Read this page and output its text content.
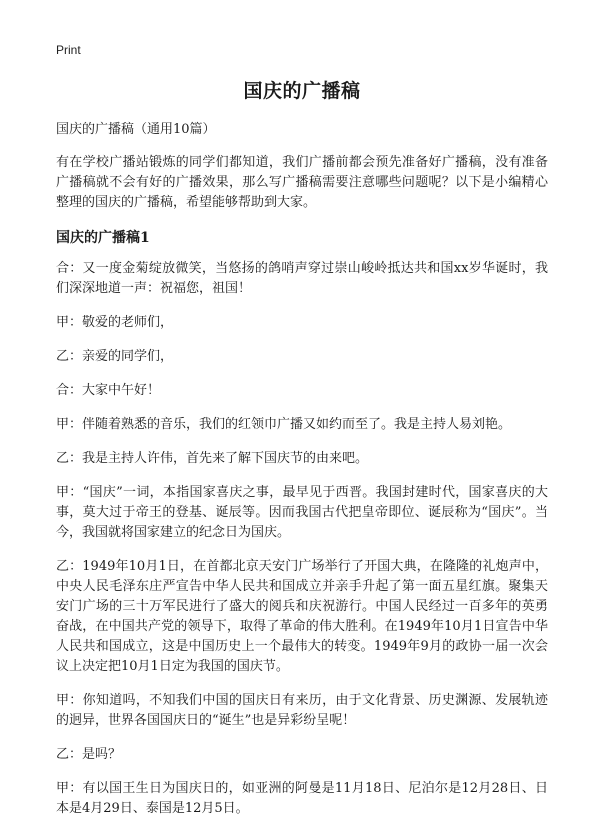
Print
国庆的广播稿
国庆的广播稿（通用10篇）
有在学校广播站锻炼的同学们都知道，我们广播前都会预先准备好广播稿，没有准备广播稿就不会有好的广播效果，那么写广播稿需要注意哪些问题呢？以下是小编精心整理的国庆的广播稿，希望能够帮助到大家。
国庆的广播稿1
合：又一度金菊绽放微笑，当悠扬的鸽哨声穿过崇山峻岭抵达共和国xx岁华诞时，我们深深地道一声：祝福您，祖国！
甲：敬爱的老师们，
乙：亲爱的同学们，
合：大家中午好！
甲：伴随着熟悉的音乐，我们的红领巾广播又如约而至了。我是主持人易刘艳。
乙：我是主持人许伟，首先来了解下国庆节的由来吧。
甲：“国庆”一词，本指国家喜庆之事，最早见于西晋。我国封建时代，国家喜庆的大事，莫大过于帝王的登基、诞辰等。因而我国古代把皇帝即位、诞辰称为“国庆”。当今，我国就将国家建立的纪念日为国庆。
乙：1949年10月1日，在首都北京天安门广场举行了开国大典，在隆隆的礼炮声中，中央人民毛泽东庄严宣告中华人民共和国成立并亲手升起了第一面五星红旗。聚集天安门广场的三十万军民进行了盛大的阅兵和庆祝游行。中国人民经过一百多年的英勇奋战，在中国共产党的领导下，取得了革命的伟大胜利。在1949年10月1日宣告中华人民共和国成立，这是中国历史上一个最伟大的转变。1949年9月的政协一届一次会议上决定把10月1日定为我国的国庆节。
甲：你知道吗，不知我们中国的国庆日有来历，由于文化背景、历史渊源、发展轨迹的迥异，世界各国国庆日的“诞生”也是异彩纷呈呢！
乙：是吗？
甲：有以国王生日为国庆日的，如亚洲的阿曼是11月18日、尼泊尔是12月28日、日本是4月29日、泰国是12月5日。
